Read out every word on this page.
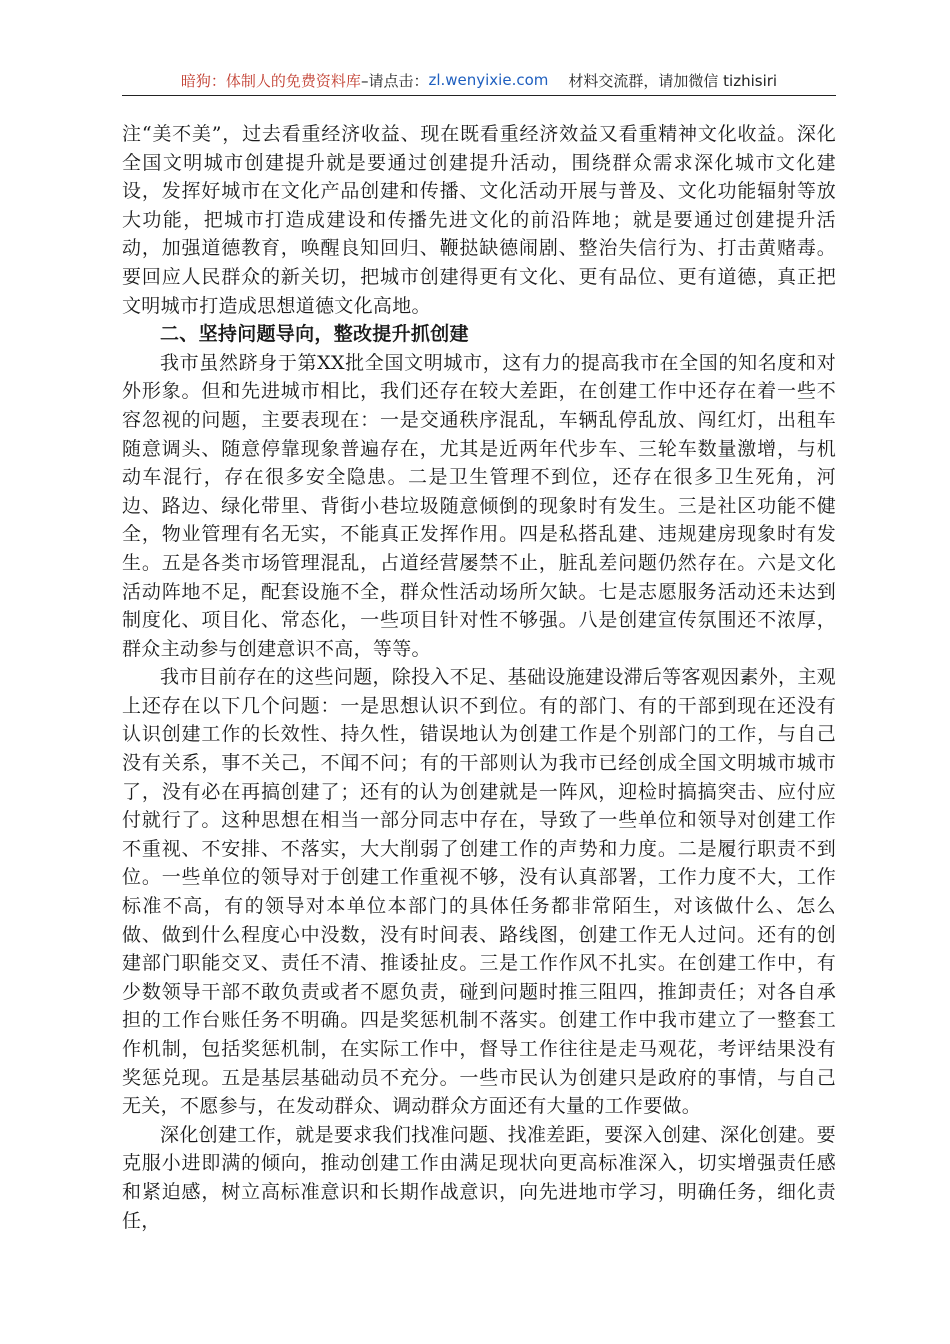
暗狗：体制人的免费资料库 –请点击： zl.wenyixie.com 材料交流群，请加微信 tizhisiri

注“美不美”，过去看重经济收益、现在既看重经济效益又看重精神文化收益。深化全国文明城市创建提升就是要通过创建提升活动，围绕群众需求深化城市文化建设，发挥好城市在文化产品创建和传播、文化活动开展与普及、文化功能辐射等放大功能，把城市打造成建设和传播先进文化的前沿阵地；就是要通过创建提升活动，加强道德教育，唤醒良知回归、鞭挞缺德闹剧、整治失信行为、打击黄赌毒。要回应人民群众的新关切，把城市创建得更有文化、更有品位、更有道德，真正把文明城市打造成思想道德文化高地。

二、坚持问题导向，整改提升抓创建

我市虽然跻身于第XX批全国文明城市，这有力的提高我市在全国的知名度和对外形象。但和先进城市相比，我们还存在较大差距，在创建工作中还存在着一些不容忽视的问题，主要表现在：一是交通秩序混乱，车辆乱停乱放、闯红灯，出租车随意调头、随意停靠现象普遍存在，尤其是近两年代步车、三轮车数量激增，与机动车混行，存在很多安全隐患。二是卫生管理不到位，还存在很多卫生死角，河边、路边、绿化带里、背街小巷垃圾随意倾倒的现象时有发生。三是社区功能不健全，物业管理有名无实，不能真正发挥作用。四是私搭乱建、违规建房现象时有发生。五是各类市场管理混乱，占道经营屡禁不止，脏乱差问题仍然存在。六是文化活动阵地不足，配套设施不全，群众性活动场所欠缺。七是志愿服务活动还未达到制度化、项目化、常态化，一些项目针对性不够强。八是创建宣传氛围还不浓厚，群众主动参与创建意识不高，等等。

我市目前存在的这些问题，除投入不足、基础设施建设滞后等客观因素外，主观上还存在以下几个问题：一是思想认识不到位。有的部门、有的干部到现在还没有认识创建工作的长效性、持久性，错误地认为创建工作是个别部门的工作，与自己没有关系，事不关己，不闻不问；有的干部则认为我市已经创成全国文明城市城市了，没有必在再搞创建了；还有的认为创建就是一阵风，迎检时搞搞突击、应付应付就行了。这种思想在相当一部分同志中存在，导致了一些单位和领导对创建工作不重视、不安排、不落实，大大削弱了创建工作的声势和力度。二是履行职责不到位。一些单位的领导对于创建工作重视不够，没有认真部署，工作力度不大，工作标准不高，有的领导对本单位本部门的具体任务都非常陌生，对该做什么、怎么做、做到什么程度心中没数，没有时间表、路线图，创建工作无人过问。还有的创建部门职能交叉、责任不清、推诿扯皮。三是工作作风不扎实。在创建工作中，有少数领导干部不敢负责或者不愿负责，碰到问题时推三阻四，推卸责任；对各自承担的工作台账任务不明确。四是奖惩机制不落实。创建工作中我市建立了一整套工作机制，包括奖惩机制，在实际工作中，督导工作往往是走马观花，考评结果没有奖惩兑现。五是基层基础动员不充分。一些市民认为创建只是政府的事情，与自己无关，不愿参与，在发动群众、调动群众方面还有大量的工作要做。

深化创建工作，就是要求我们找准问题、找准差距，要深入创建、深化创建。要克服小进即满的倾向，推动创建工作由满足现状向更高标准深入，切实增强责任感和紧迫感，树立高标准意识和长期作战意识，向先进地市学习，明确任务，细化责任，
